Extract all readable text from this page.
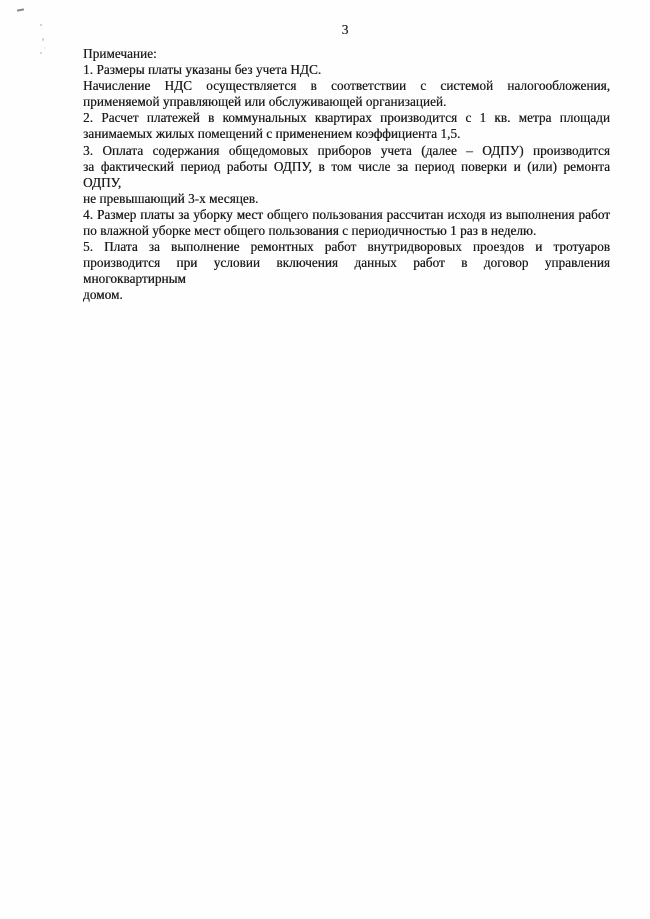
3
Примечание:
1. Размеры платы указаны без учета НДС.
Начисление НДС осуществляется в соответствии с системой налогообложения,
применяемой управляющей или обслуживающей организацией.
2. Расчет платежей в коммунальных квартирах производится с 1 кв. метра площади
занимаемых жилых помещений с применением коэффициента 1,5.
3. Оплата содержания общедомовых приборов учета (далее – ОДПУ) производится
за фактический период работы ОДПУ, в том числе за период поверки и (или) ремонта ОДПУ,
не превышающий 3-х месяцев.
4. Размер платы за уборку мест общего пользования рассчитан исходя из выполнения работ
по влажной уборке мест общего пользования с периодичностью 1 раз в неделю.
5. Плата за выполнение ремонтных работ внутридворовых проездов и тротуаров
производится при условии включения данных работ в договор управления многоквартирным
домом.
